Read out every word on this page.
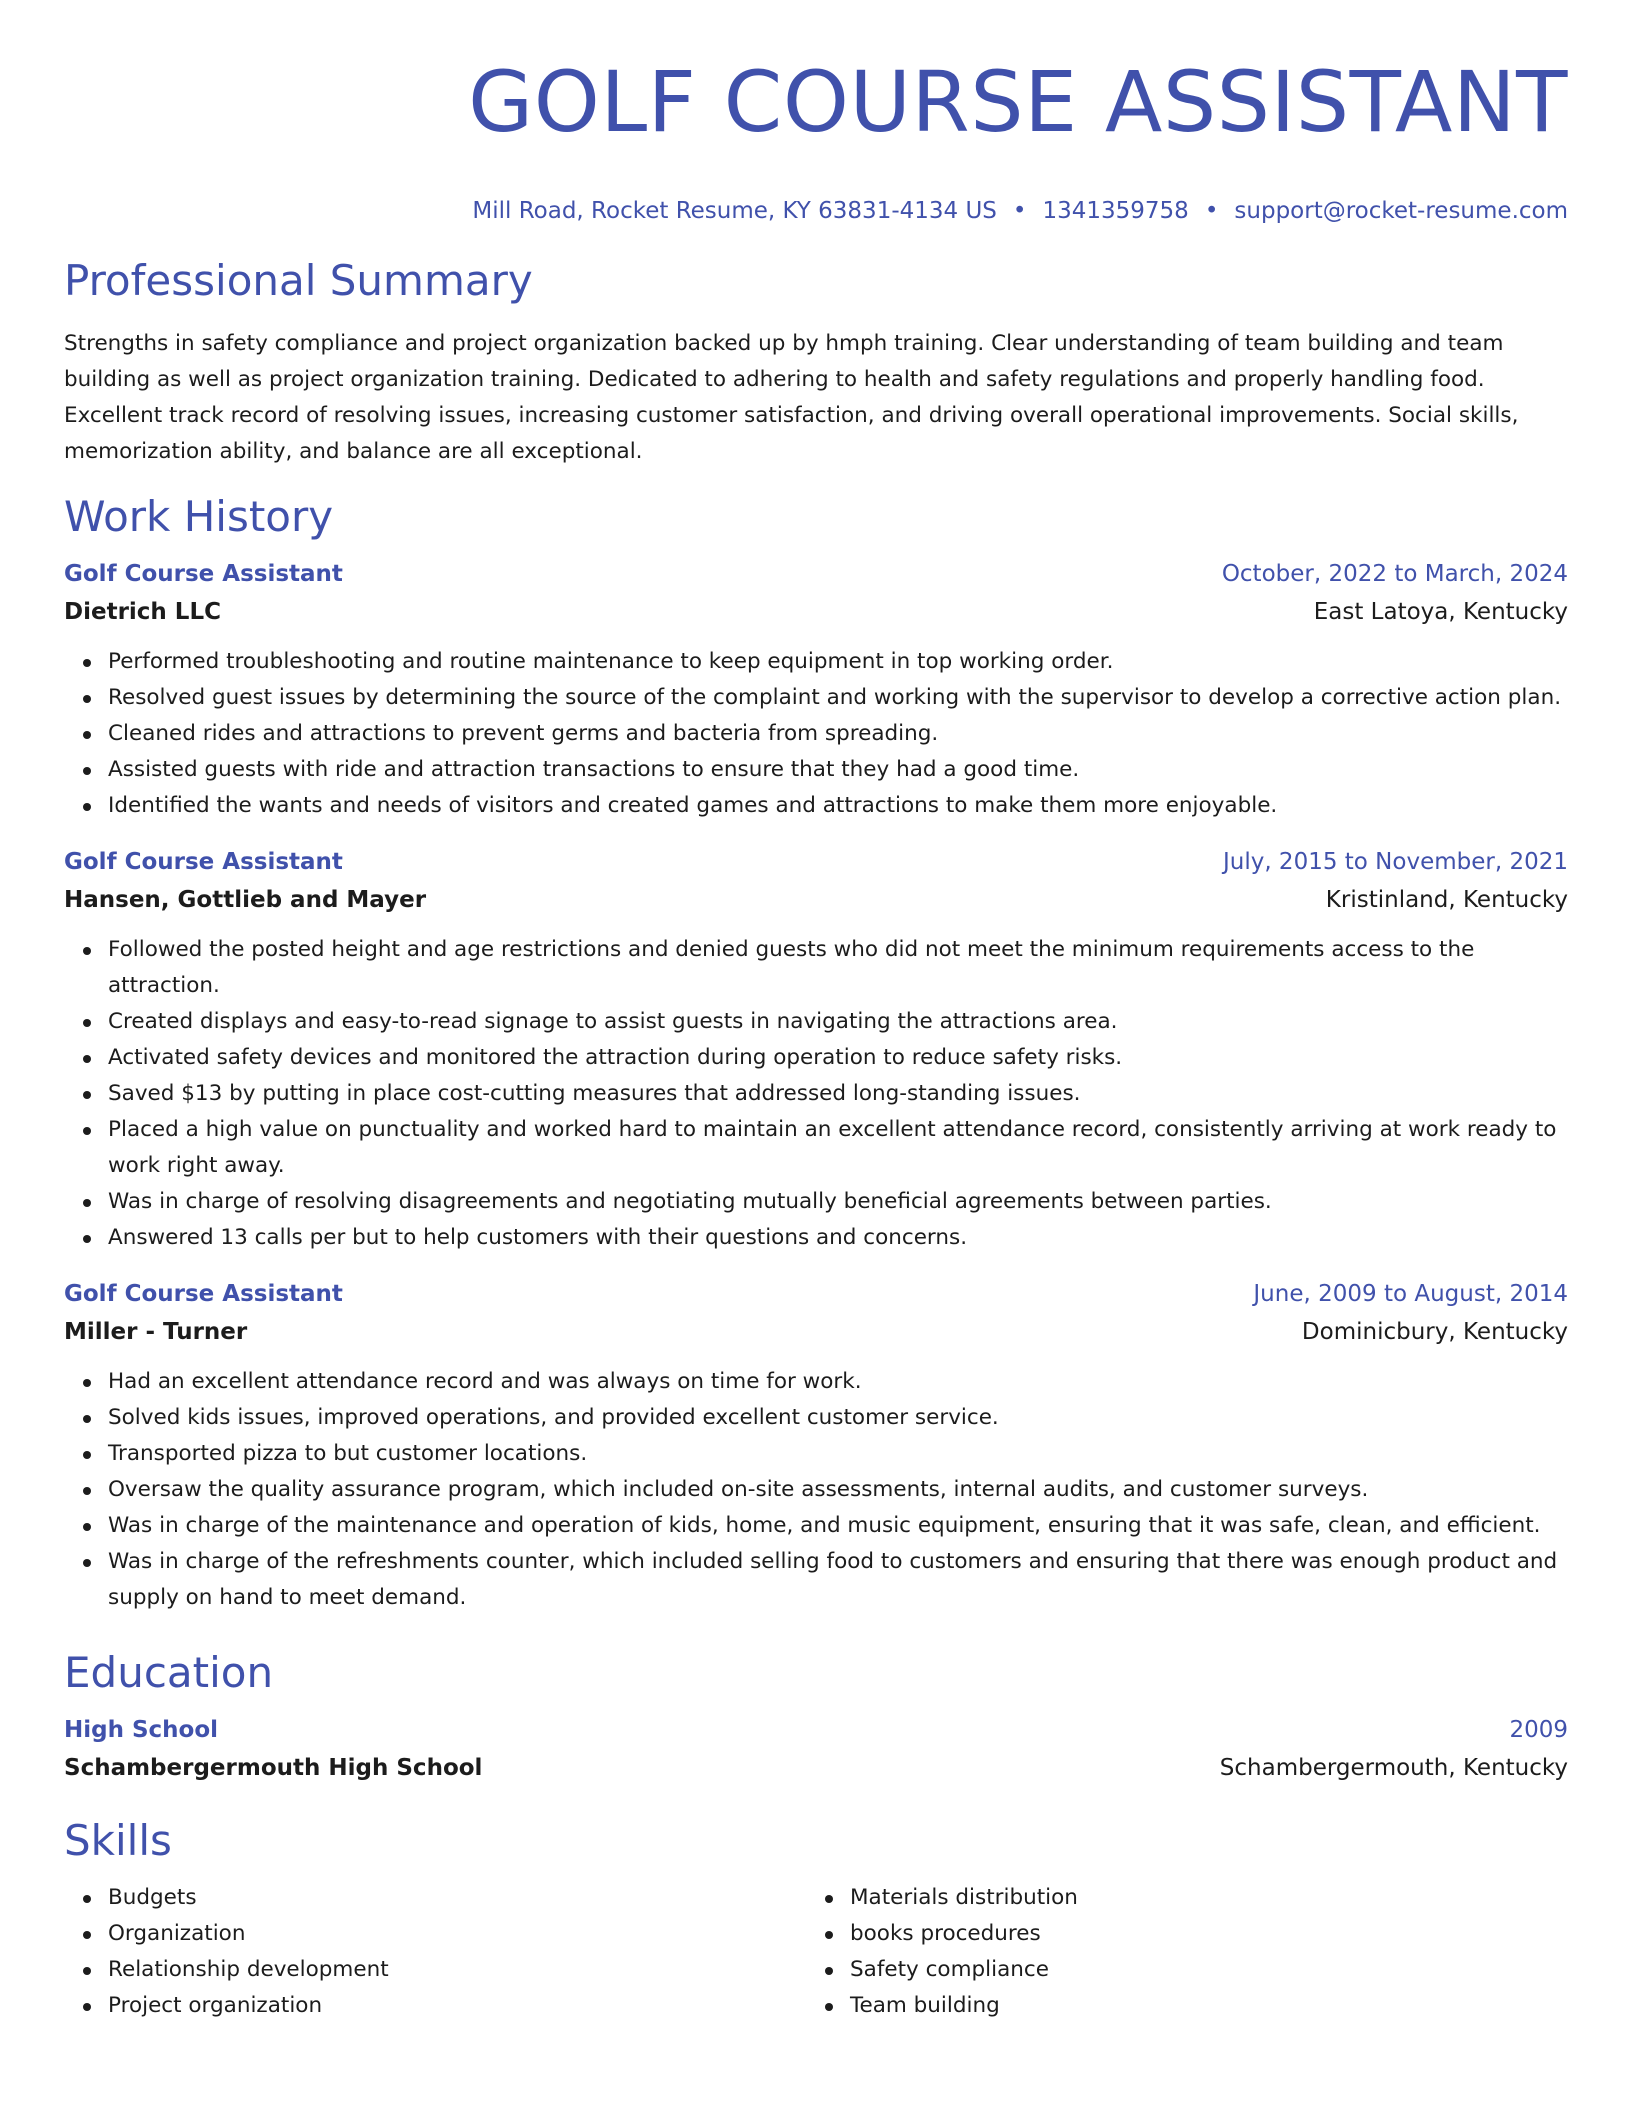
GOLF COURSE ASSISTANT
Mill Road, Rocket Resume, KY 63831-4134 US • 1341359758 • support@rocket-resume.com
Professional Summary
Strengths in safety compliance and project organization backed up by hmph training. Clear understanding of team building and team building as well as project organization training. Dedicated to adhering to health and safety regulations and properly handling food. Excellent track record of resolving issues, increasing customer satisfaction, and driving overall operational improvements. Social skills, memorization ability, and balance are all exceptional.
Work History
Golf Course Assistant	October, 2022 to March, 2024
Dietrich LLC	East Latoya, Kentucky
Performed troubleshooting and routine maintenance to keep equipment in top working order.
Resolved guest issues by determining the source of the complaint and working with the supervisor to develop a corrective action plan.
Cleaned rides and attractions to prevent germs and bacteria from spreading.
Assisted guests with ride and attraction transactions to ensure that they had a good time.
Identified the wants and needs of visitors and created games and attractions to make them more enjoyable.
Golf Course Assistant	July, 2015 to November, 2021
Hansen, Gottlieb and Mayer	Kristinland, Kentucky
Followed the posted height and age restrictions and denied guests who did not meet the minimum requirements access to the attraction.
Created displays and easy-to-read signage to assist guests in navigating the attractions area.
Activated safety devices and monitored the attraction during operation to reduce safety risks.
Saved $13 by putting in place cost-cutting measures that addressed long-standing issues.
Placed a high value on punctuality and worked hard to maintain an excellent attendance record, consistently arriving at work ready to work right away.
Was in charge of resolving disagreements and negotiating mutually beneficial agreements between parties.
Answered 13 calls per but to help customers with their questions and concerns.
Golf Course Assistant	June, 2009 to August, 2014
Miller - Turner	Dominicbury, Kentucky
Had an excellent attendance record and was always on time for work.
Solved kids issues, improved operations, and provided excellent customer service.
Transported pizza to but customer locations.
Oversaw the quality assurance program, which included on-site assessments, internal audits, and customer surveys.
Was in charge of the maintenance and operation of kids, home, and music equipment, ensuring that it was safe, clean, and efficient.
Was in charge of the refreshments counter, which included selling food to customers and ensuring that there was enough product and supply on hand to meet demand.
Education
High School	2009
Schambergermouth High School	Schambergermouth, Kentucky
Skills
Budgets
Organization
Relationship development
Project organization
Materials distribution
books procedures
Safety compliance
Team building
